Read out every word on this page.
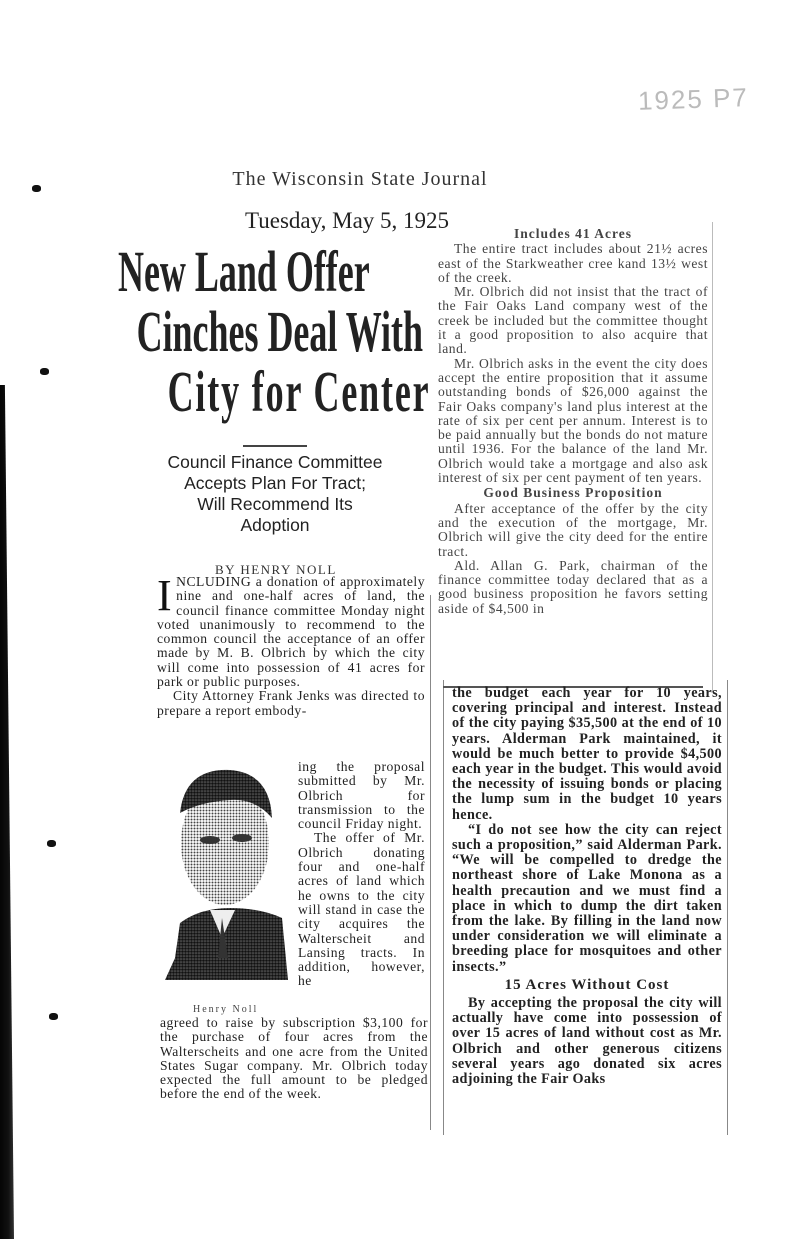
1925 P7
The Wisconsin State Journal
Tuesday, May 5, 1925
New Land Offer
Cinches Deal With
City for Center
Council Finance Committee
Accepts Plan For Tract;
Will Recommend Its
Adoption
BY HENRY NOLL

INCLUDING a donation of approximately nine and one-half acres of land, the council finance committee Monday night voted unanimously to recommend to the common council the acceptance of an offer made by M. B. Olbrich by which the city will come into possession of 41 acres for park or public purposes.

City Attorney Frank Jenks was directed to prepare a report embody-

ing the proposal submitted by Mr. Olbrich for transmission to the council Friday night.

The offer of Mr. Olbrich donating four and one-half acres of land which he owns to the city will stand in case the city acquires the Walterscheit and Lansing tracts. In addition, however, he

Henry Noll

agreed to raise by subscription $3,100 for the purchase of four acres from the Walterscheits and one acre from the United States Sugar company. Mr. Olbrich today expected the full amount to be pledged before the end of the week.

Includes 41 Acres

The entire tract includes about 21½ acres east of the Starkweather cree kand 13½ west of the creek.

Mr. Olbrich did not insist that the tract of the Fair Oaks Land company west of the creek be included but the committee thought it a good proposition to also acquire that land.

Mr. Olbrich asks in the event the city does accept the entire proposition that it assume outstanding bonds of $26,000 against the Fair Oaks company's land plus interest at the rate of six per cent per annum. Interest is to be paid annually but the bonds do not mature until 1936. For the balance of the land Mr. Olbrich would take a mortgage and also ask interest of six per cent payment of ten years.

Good Business Proposition

After acceptance of the offer by the city and the execution of the mortgage, Mr. Olbrich will give the city deed for the entire tract.

Ald. Allan G. Park, chairman of the finance committee today declared that as a good business proposition he favors setting aside of $4,500 in

the budget each year for 10 years, covering principal and interest. Instead of the city paying $35,500 at the end of 10 years. Alderman Park maintained, it would be much better to provide $4,500 each year in the budget. This would avoid the necessity of issuing bonds or placing the lump sum in the budget 10 years hence.

“I do not see how the city can reject such a proposition,” said Alderman Park. “We will be compelled to dredge the northeast shore of Lake Monona as a health precaution and we must find a place in which to dump the dirt taken from the lake. By filling in the land now under consideration we will eliminate a breeding place for mosquitoes and other insects.”

15 Acres Without Cost

By accepting the proposal the city will actually have come into possession of over 15 acres of land without cost as Mr. Olbrich and other generous citizens several years ago donated six acres adjoining the Fair Oaks
